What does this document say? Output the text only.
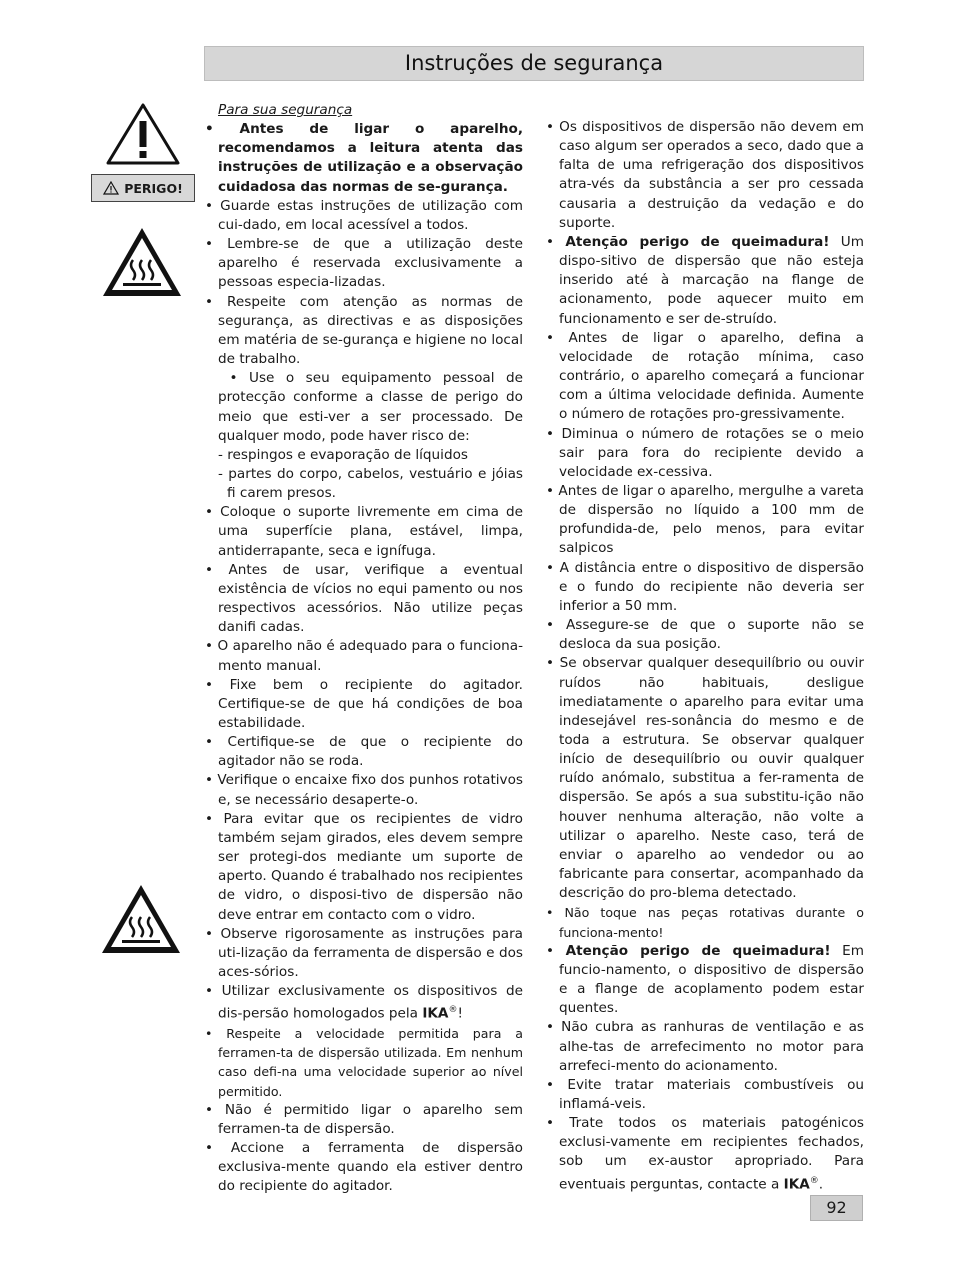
Instruções de segurança
PERIGO!

Para sua segurança

• Antes de ligar o aparelho, recomendamos a leitura atenta das instruções de utilização e a observação cuidadosa das normas de se-gurança.

• Guarde estas instruções de utilização com cui-dado, em local acessível a todos.

• Lembre-se de que a utilização deste aparelho é reservada exclusivamente a pessoas especia-lizadas.

• Respeite com atenção as normas de segurança, as directivas e as disposições em matéria de se-gurança e higiene no local de trabalho.

• Use o seu equipamento pessoal de protecção conforme a classe de perigo do meio que esti-ver a ser processado. De qualquer modo, pode haver risco de:

- respingos e evaporação de líquidos

- partes do corpo, cabelos, vestuário e jóias fi carem presos.

• Coloque o suporte livremente em cima de uma superfície plana, estável, limpa, antiderrapante, seca e ignífuga.

• Antes de usar, verifique a eventual existência de vícios no equi pamento ou nos respectivos acessórios. Não utilize peças danifi cadas.

• O aparelho não é adequado para o funciona-mento manual.

• Fixe bem o recipiente do agitador. Certifique-se de que há condições de boa estabilidade.

• Certifique-se de que o recipiente do agitador não se roda.

• Verifique o encaixe fixo dos punhos rotativos e, se necessário desaperte-o.

• Para evitar que os recipientes de vidro também sejam girados, eles devem sempre ser protegi-dos mediante um suporte de aperto. Quando é trabalhado nos recipientes de vidro, o disposi-tivo de dispersão não deve entrar em contacto com o vidro.

• Observe rigorosamente as instruções para uti-lização da ferramenta de dispersão e dos aces-sórios.

• Utilizar exclusivamente os dispositivos de dis-persão homologados pela IKA®!

• Respeite a velocidade permitida para a ferramen-ta de dispersão utilizada. Em nenhum caso defi-na uma velocidade superior ao nível permitido.

• Não é permitido ligar o aparelho sem ferramen-ta de dispersão.

• Accione a ferramenta de dispersão exclusiva-mente quando ela estiver dentro do recipiente do agitador.

• Os dispositivos de dispersão não devem em caso algum ser operados a seco, dado que a falta de uma refrigeração dos dispositivos atra-vés da substância a ser pro cessada causaria a destruição da vedação e do suporte.

• Atenção perigo de queimadura! Um dispo-sitivo de dispersão que não esteja inserido até à marcação na flange de acionamento, pode aquecer muito em funcionamento e ser de-struído.

• Antes de ligar o aparelho, defina a velocidade de rotação mínima, caso contrário, o aparelho começará a funcionar com a última velocidade definida. Aumente o número de rotações pro-gressivamente.

• Diminua o número de rotações se o meio sair para fora do recipiente devido a velocidade ex-cessiva.

• Antes de ligar o aparelho, mergulhe a vareta de dispersão no líquido a 100 mm de profundida-de, pelo menos, para evitar salpicos

• A distância entre o dispositivo de dispersão e o fundo do recipiente não deveria ser inferior a 50 mm.

• Assegure-se de que o suporte não se desloca da sua posição.

• Se observar qualquer desequilíbrio ou ouvir ruídos não habituais, desligue imediatamente o aparelho para evitar uma indesejável res-sonância do mesmo e de toda a estrutura. Se observar qualquer início de desequilíbrio ou ouvir qualquer ruído anómalo, substitua a fer-ramenta de dispersão. Se após a sua substitu-ição não houver nenhuma alteração, não volte a utilizar o aparelho. Neste caso, terá de enviar o aparelho ao vendedor ou ao fabricante para consertar, acompanhado da descrição do pro-blema detectado.

• Não toque nas peças rotativas durante o funciona-mento!

• Atenção perigo de queimadura! Em funcio-namento, o dispositivo de dispersão e a flange de acoplamento podem estar quentes.

• Não cubra as ranhuras de ventilação e as alhe-tas de arrefecimento no motor para arrefeci-mento do acionamento.

• Evite tratar materiais combustíveis ou inflamá-veis.

• Trate todos os materiais patogénicos exclusi-vamente em recipientes fechados, sob um ex-austor apropriado. Para eventuais perguntas, contacte a IKA®.

92
